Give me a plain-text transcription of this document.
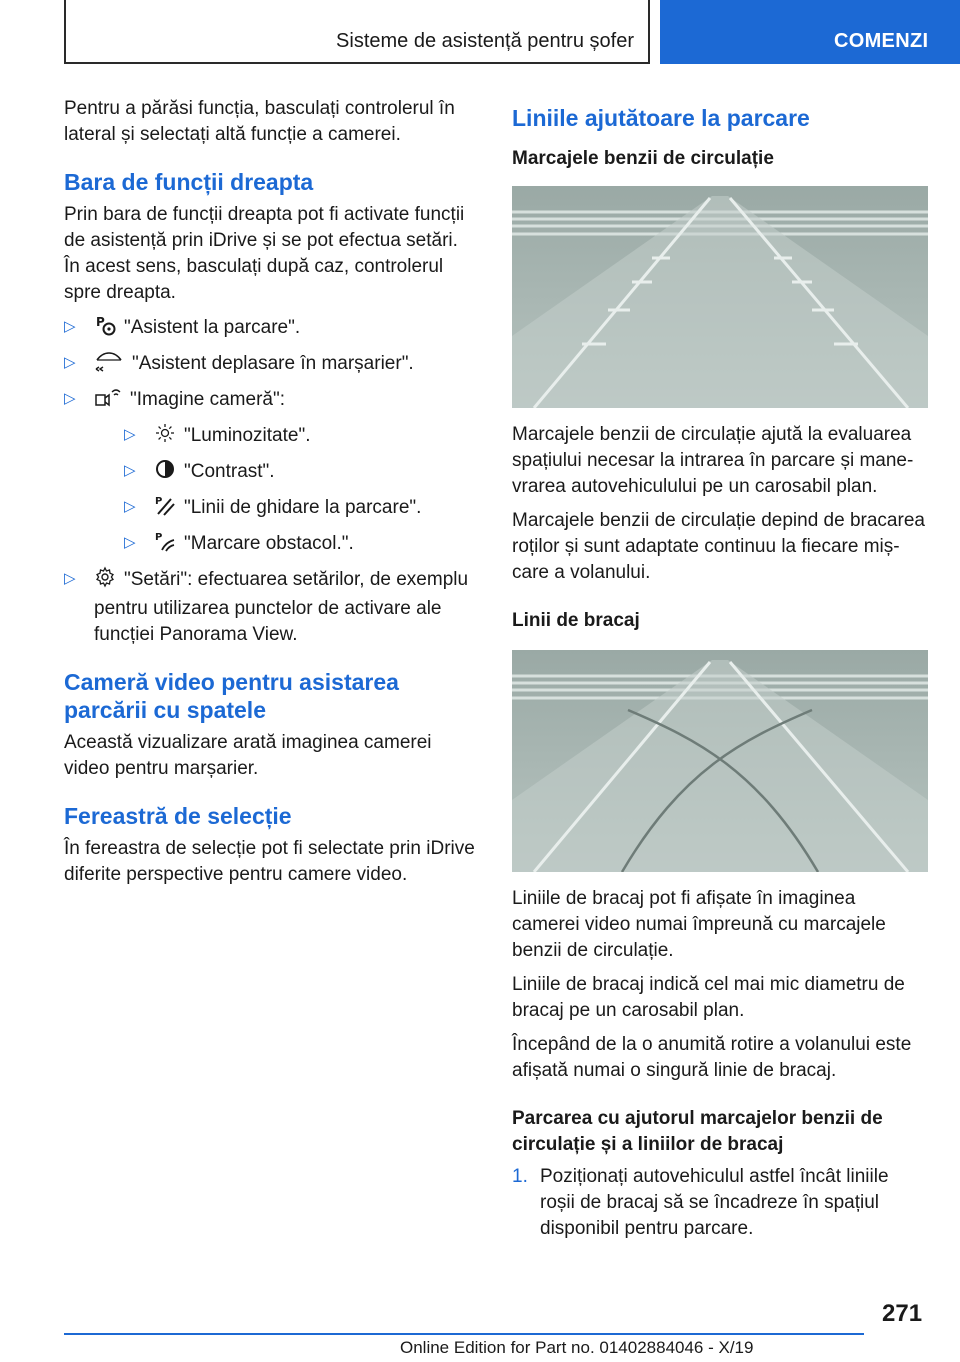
Sisteme de asistență pentru șofer	COMENZI

Pentru a părăsi funcția, basculați controlerul în lateral și selectați altă funcție a camerei.

Bara de funcții dreapta

Prin bara de funcții dreapta pot fi activate funcții de asistență prin iDrive și se pot efectua setări. În acest sens, basculați după caz, controlerul spre dreapta.

▷ P "Asistent la parcare".
▷	"Asistent deplasare în marșarier".
▷	"Imagine cameră":
▷	"Luminozitate".
▷	"Contrast".
▷ P "Linii de ghidare la parcare".
▷ P "Marcare obstacol.".
▷	"Setări": efectuarea setărilor, de exemplu pentru utilizarea punctelor de activare ale funcției Panorama View.
Cameră video pentru asistarea parcării cu spatele

Această vizualizare arată imaginea camerei video pentru marșarier.

Fereastră de selecție

În fereastra de selecție pot fi selectate prin iDrive diferite perspective pentru camere video.

Liniile ajutătoare la parcare
Marcajele benzii de circulație

Marcajele benzii de circulație ajută la evaluarea spațiului necesar la intrarea în parcare și manevrarea autovehiculului pe un carosabil plan.

Marcajele benzii de circulație depind de bracarea roților și sunt adaptate continuu la fiecare mișcare a volanului.

Linii de bracaj

Liniile de bracaj pot fi afișate în imaginea camerei video numai împreună cu marcajele benzii de circulație.

Liniile de bracaj indică cel mai mic diametru de bracaj pe un carosabil plan.

Începând de la o anumită rotire a volanului este afișată numai o singură linie de bracaj.

Parcarea cu ajutorul marcajelor benzii de circulație și a liniilor de bracaj
1. Poziționați autovehiculul astfel încât liniile roșii de bracaj să se încadreze în spațiul disponibil pentru parcare.
271
Online Edition for Part no. 01402884046 - X/19
